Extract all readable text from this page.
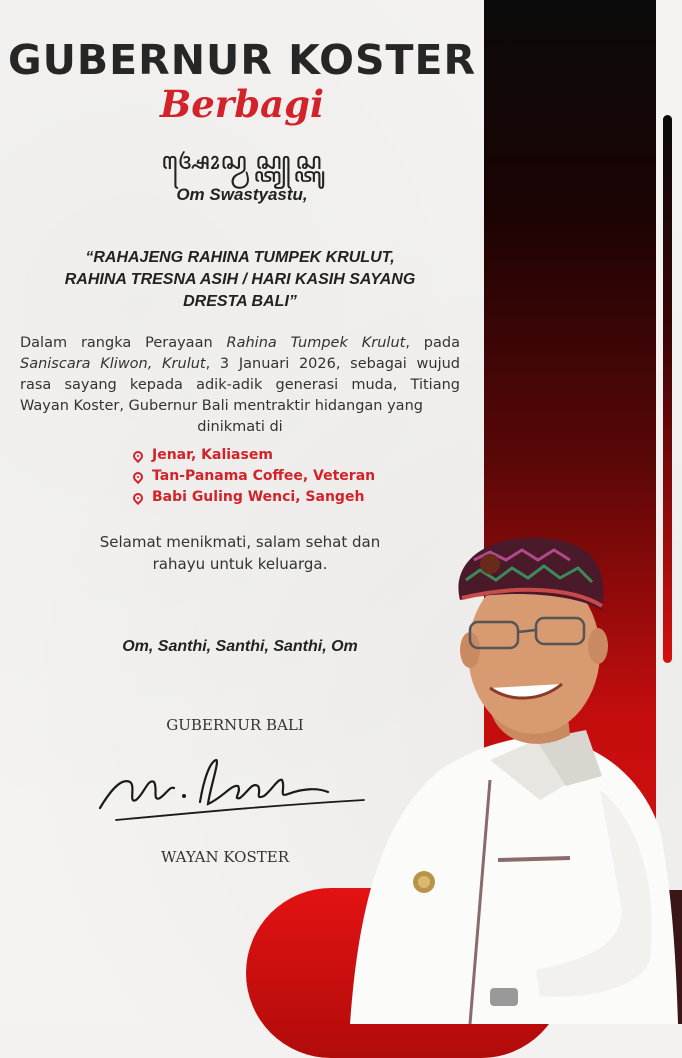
GUBERNUR KOSTER
Berbagi
ꦄꦺꦴꦱ꧀ꦮꦱ꧀ꦠꦾꦱ꧀ꦠꦸ
Om Swastyastu,
“RAHAJENG RAHINA TUMPEK KRULUT,
RAHINA TRESNA ASIH / HARI KASIH SAYANG
DRESTA BALI”
Dalam rangka Perayaan Rahina Tumpek Krulut, pada Saniscara Kliwon, Krulut, 3 Januari 2026, sebagai wujud rasa sayang kepada adik-adik generasi muda, Titiang Wayan Koster, Gubernur Bali mentraktir hidangan yang
dinikmati di
Jenar, Kaliasem
Tan-Panama Coffee, Veteran
Babi Guling Wenci, Sangeh
Selamat menikmati, salam sehat dan
rahayu untuk keluarga.
Om, Santhi, Santhi, Santhi, Om
GUBERNUR BALI
WAYAN KOSTER
